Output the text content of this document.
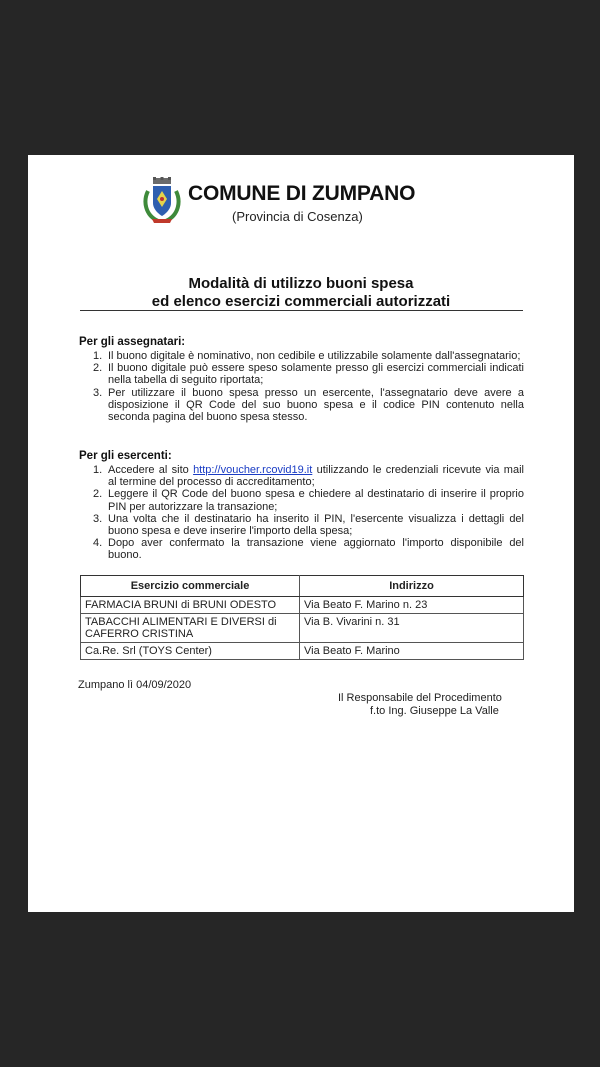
COMUNE DI ZUMPANO
(Provincia di Cosenza)
Modalità di utilizzo buoni spesa
ed elenco esercizi commerciali autorizzati
Per gli assegnatari:
1. Il buono digitale è nominativo, non cedibile e utilizzabile solamente dall'assegnatario;
2. Il buono digitale può essere speso solamente presso gli esercizi commerciali indicati nella tabella di seguito riportata;
3. Per utilizzare il buono spesa presso un esercente, l'assegnatario deve avere a disposizione il QR Code del suo buono spesa e il codice PIN contenuto nella seconda pagina del buono spesa stesso.
Per gli esercenti:
1. Accedere al sito http://voucher.rcovid19.it utilizzando le credenziali ricevute via mail al termine del processo di accreditamento;
2. Leggere il QR Code del buono spesa e chiedere al destinatario di inserire il proprio PIN per autorizzare la transazione;
3. Una volta che il destinatario ha inserito il PIN, l'esercente visualizza i dettagli del buono spesa e deve inserire l'importo della spesa;
4. Dopo aver confermato la transazione viene aggiornato l'importo disponibile del buono.
Esercizio commerciale	Indirizzo
FARMACIA BRUNI di BRUNI ODESTO	Via Beato F. Marino n. 23
TABACCHI ALIMENTARI E DIVERSI di CAFERRO CRISTINA	Via B. Vivarini n. 31
Ca.Re. Srl (TOYS Center)	Via Beato F. Marino
Zumpano lì 04/09/2020
Il Responsabile del Procedimento
f.to Ing. Giuseppe La Valle
